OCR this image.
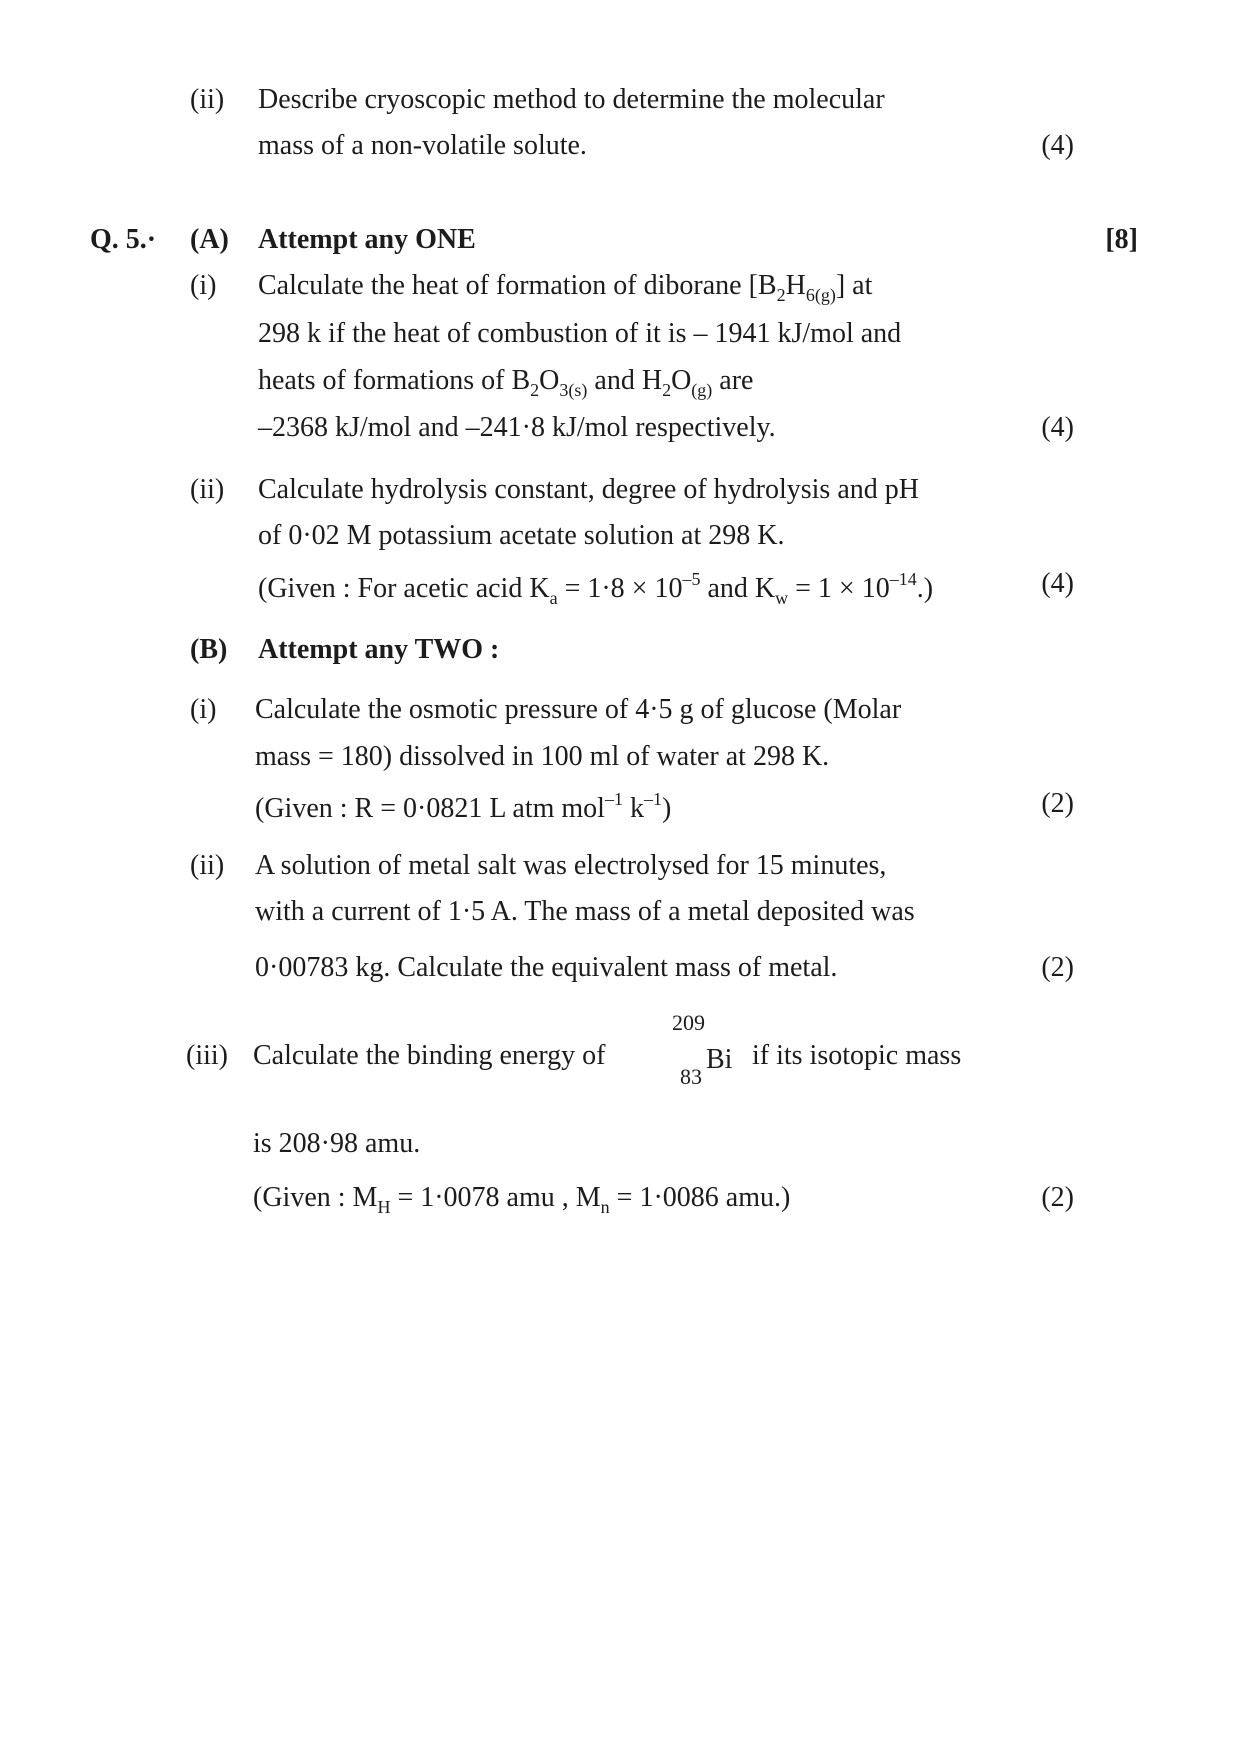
(ii) Describe cryoscopic method to determine the molecular
mass of a non-volatile solute.	(4)
Q. 5.· (A) Attempt any ONE	[8]
(i) Calculate the heat of formation of diborane $[B_2H_{6(g)}]$ at
298 k if the heat of combustion of it is – 1941 kJ/mol and
heats of formations of $B_2O_{3(s)}$ and $H_2O_{(g)}$ are
–2368 kJ/mol and –241·8 kJ/mol respectively.	(4)
(ii) Calculate hydrolysis constant, degree of hydrolysis and pH
of 0·02 M potassium acetate solution at 298 K.
(Given : For acetic acid $K_a = 1\cdot 8 \times 10^{-5}$ and $K_w = 1 \times 10^{-14}$.)	(4)
(B) Attempt any TWO :
(i) Calculate the osmotic pressure of 4·5 g of glucose (Molar
mass = 180) dissolved in 100 ml of water at 298 K.
(Given : R = 0·0821 L atm mol$^{-1}$ $k^{-1}$)	(2)
(ii) A solution of metal salt was electrolysed for 15 minutes,
with a current of 1·5 A. The mass of a metal deposited was
0·00783 kg. Calculate the equivalent mass of metal.	(2)
(iii) Calculate the binding energy of
209
83
Bi if its isotopic mass
is 208·98 amu.
(Given : $M_H = 1\cdot 0078$ amu , $M_n = 1\cdot 0086$ amu.)	(2)
